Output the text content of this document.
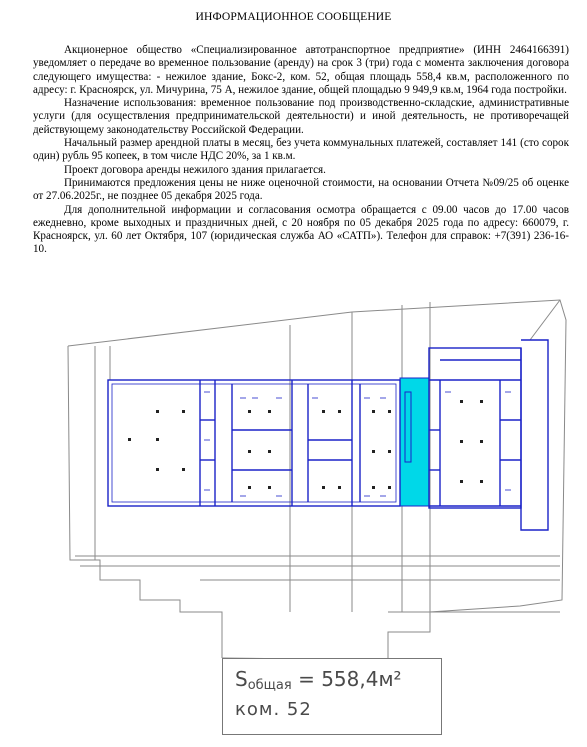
ИНФОРМАЦИОННОЕ СООБЩЕНИЕ

Акционерное общество «Специализированное автотранспортное предприятие» (ИНН 2464166391) уведомляет о передаче во временное пользование (аренду) на срок 3 (три) года с момента заключения договора следующего имущества: - нежилое здание, Бокс-2, ком. 52, общая площадь 558,4 кв.м, расположенного по адресу: г. Красноярск, ул. Мичурина, 75 А, нежилое здание, общей площадью 9 949,9 кв.м, 1964 года постройки.

Назначение использования: временное пользование под производственно-складские, административные услуги (для осуществления предпринимательской деятельности) и иной деятельность, не противоречащей действующему законодательству Российской Федерации.

Начальный размер арендной платы в месяц, без учета коммунальных платежей, составляет 141 (сто сорок один) рубль 95 копеек, в том числе НДС 20%, за 1 кв.м.

Проект договора аренды нежилого здания прилагается.

Принимаются предложения цены не ниже оценочной стоимости, на основании Отчета №09/25 об оценке от 27.06.2025г., не позднее 05 декабря 2025 года.

Для дополнительной информации и согласования осмотра обращается с 09.00 часов до 17.00 часов ежедневно, кроме выходных и праздничных дней, с 20 ноября по 05 декабря 2025 года по адресу: 660079, г. Красноярск, ул. 60 лет Октября, 107 (юридическая служба АО «САТП»). Телефон для справок: +7(391) 236-16-10.

$S_{общая} = 558,4м^2$
ком. 52
